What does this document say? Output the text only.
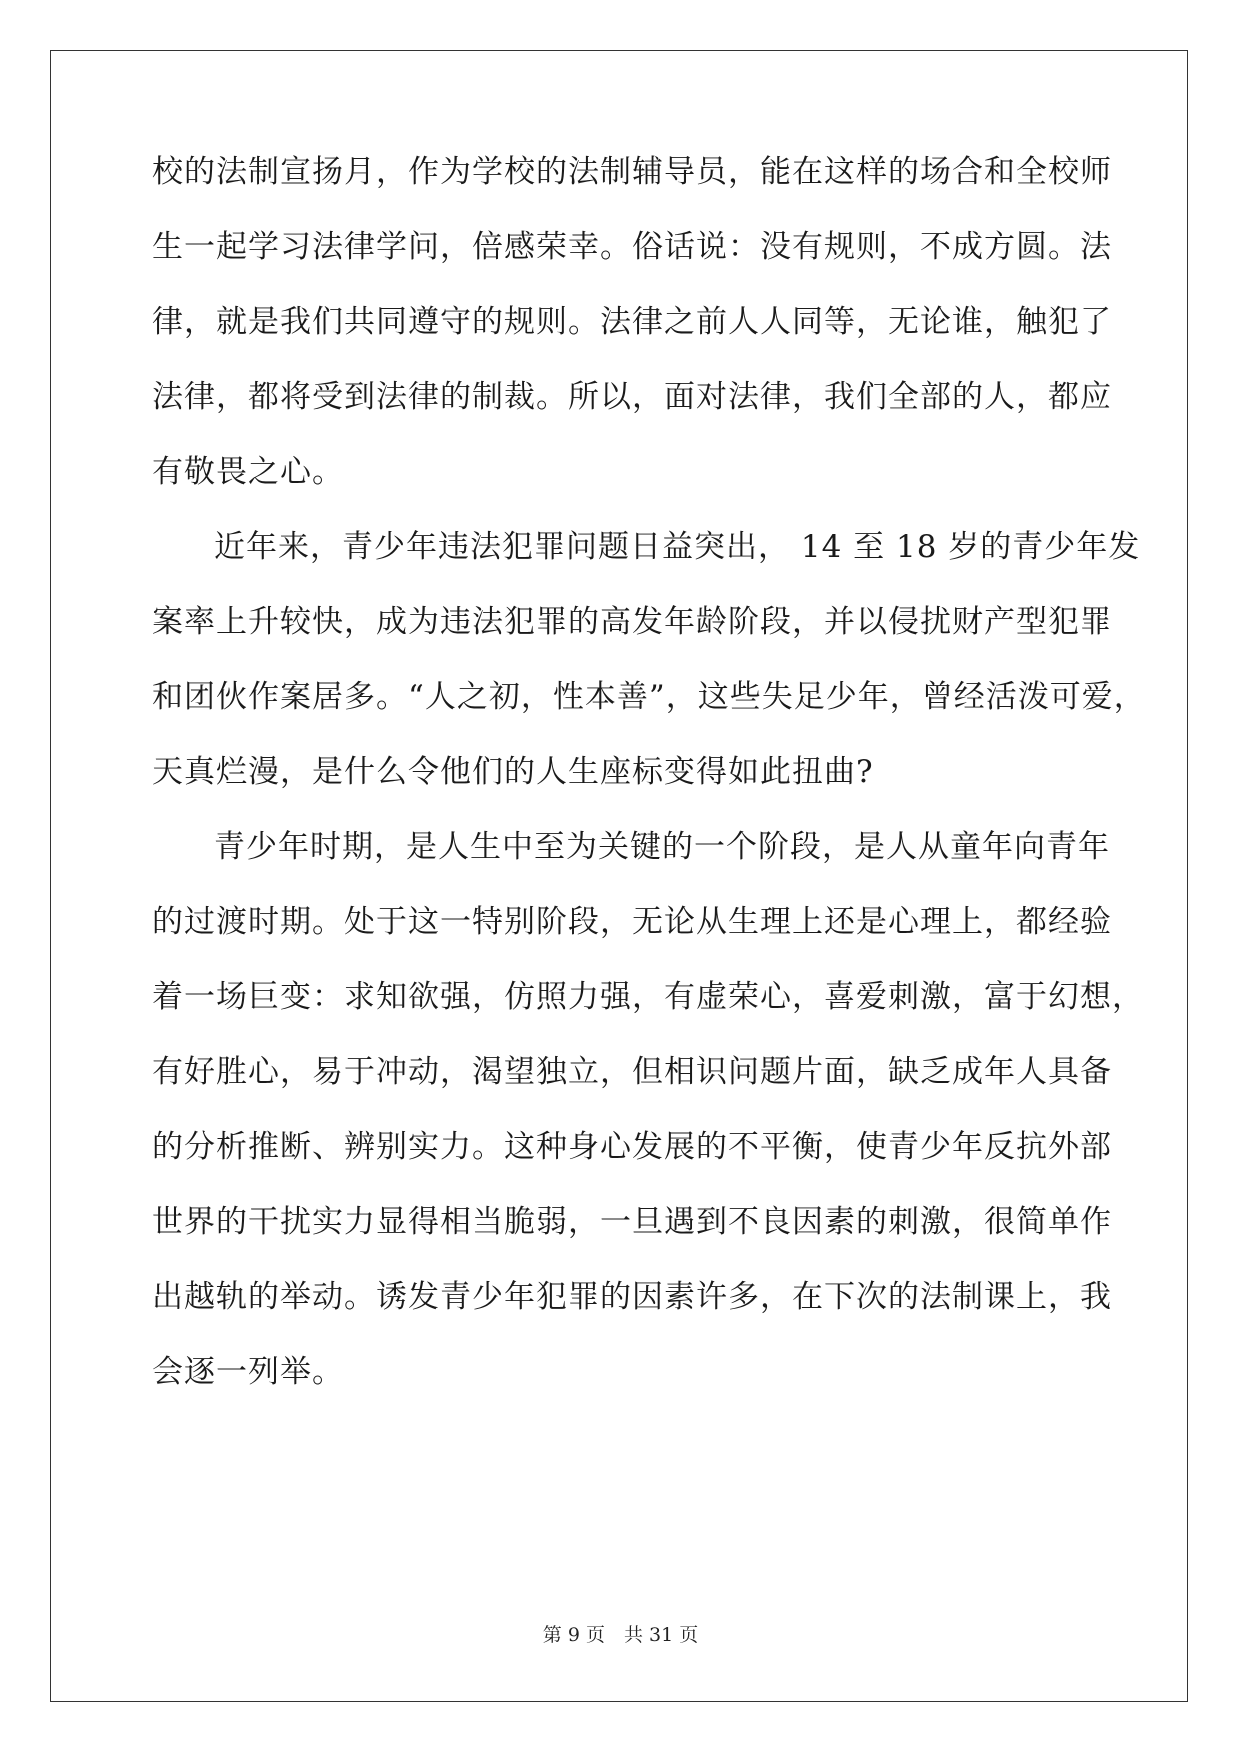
校的法制宣扬月，作为学校的法制辅导员，能在这样的场合和全校师
生一起学习法律学问，倍感荣幸。俗话说：没有规则，不成方圆。法
律，就是我们共同遵守的规则。法律之前人人同等，无论谁，触犯了
法律，都将受到法律的制裁。所以，面对法律，我们全部的人，都应
有敬畏之心。
近年来，青少年违法犯罪问题日益突出， 14 至 18 岁的青少年发
案率上升较快，成为违法犯罪的高发年龄阶段，并以侵扰财产型犯罪
和团伙作案居多。“人之初，性本善”，这些失足少年，曾经活泼可爱，
天真烂漫，是什么令他们的人生座标变得如此扭曲?
青少年时期，是人生中至为关键的一个阶段，是人从童年向青年
的过渡时期。处于这一特别阶段，无论从生理上还是心理上，都经验
着一场巨变：求知欲强，仿照力强，有虚荣心，喜爱刺激，富于幻想，
有好胜心，易于冲动，渴望独立，但相识问题片面，缺乏成年人具备
的分析推断、辨别实力。这种身心发展的不平衡，使青少年反抗外部
世界的干扰实力显得相当脆弱，一旦遇到不良因素的刺激，很简单作
出越轨的举动。诱发青少年犯罪的因素许多，在下次的法制课上，我
会逐一列举。
第 9 页　共 31 页
